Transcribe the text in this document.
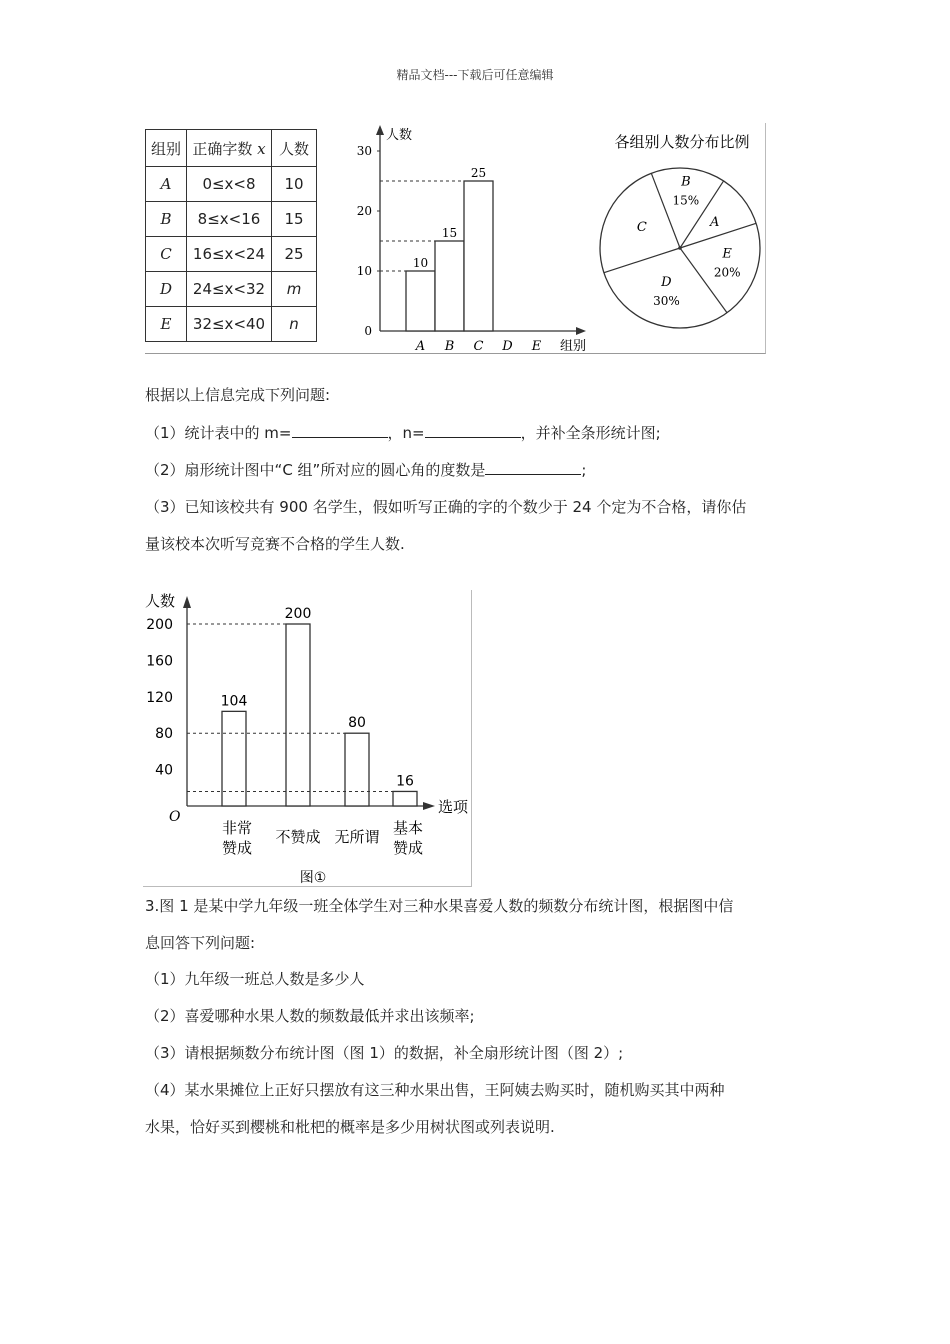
精品文档---下载后可任意编辑
组别	正确字数 x	人数
A	0≤x<8	10
B	8≤x<16	15
C	16≤x<24	25
D	24≤x<32	m
E	32≤x<40	n
人数
组别
0
10
20
30
A
10
B
15
C
25
D E
各组别人数分布比例
B
15%
A
E
20%
D
30%
C
根据以上信息完成下列问题:
（1）统计表中的 m=	，n=	，并补全条形统计图;
（2）扇形统计图中“C 组”所对应的圆心角的度数是	;
（3）已知该校共有 900 名学生，假如听写正确的字的个数少于 24 个定为不合格，请你估
量该校本次听写竞赛不合格的学生人数.
人数
选项
O
40
80
120
160
200
104
非常
赞成
200
不赞成
80
无所谓
16
基本
赞成
图①
3.图 1 是某中学九年级一班全体学生对三种水果喜爱人数的频数分布统计图，根据图中信
息回答下列问题:
（1）九年级一班总人数是多少人
（2）喜爱哪种水果人数的频数最低并求出该频率;
（3）请根据频数分布统计图（图 1）的数据，补全扇形统计图（图 2）;
（4）某水果摊位上正好只摆放有这三种水果出售，王阿姨去购买时，随机购买其中两种
水果，恰好买到樱桃和枇杷的概率是多少用树状图或列表说明.
